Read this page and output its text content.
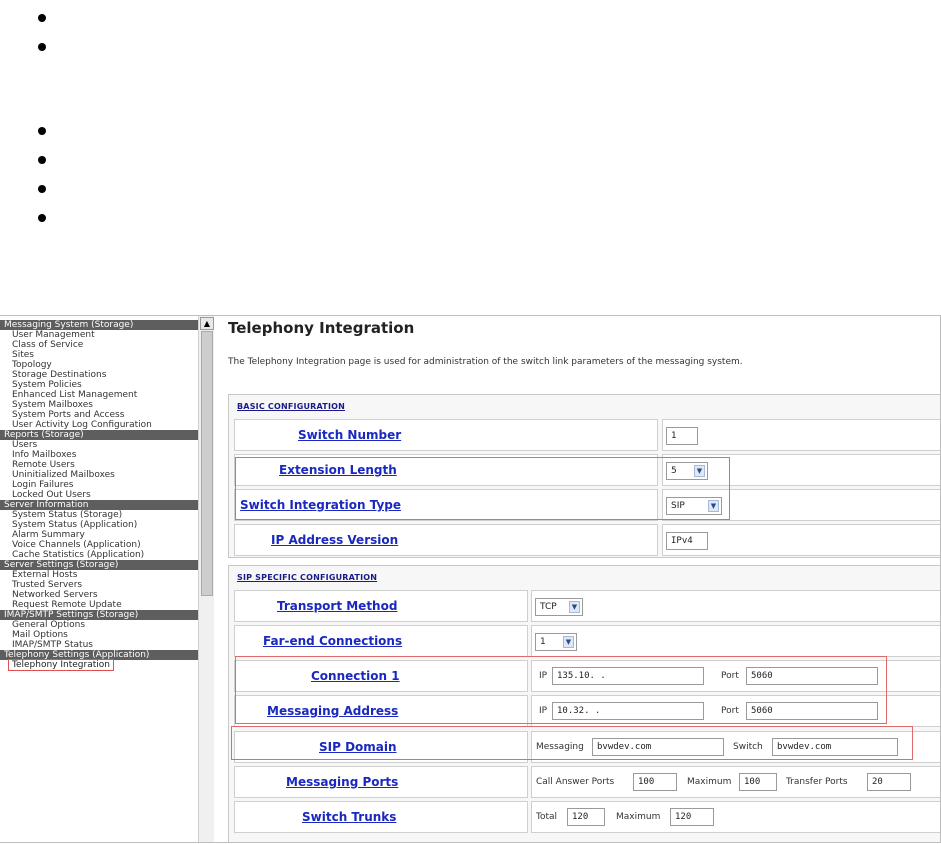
Messaging System (Storage)
User Management
Class of Service
Sites
Topology
Storage Destinations
System Policies
Enhanced List Management
System Mailboxes
System Ports and Access
User Activity Log Configuration
Reports (Storage)
Users
Info Mailboxes
Remote Users
Uninitialized Mailboxes
Login Failures
Locked Out Users
Server Information
System Status (Storage)
System Status (Application)
Alarm Summary
Voice Channels (Application)
Cache Statistics (Application)
Server Settings (Storage)
External Hosts
Trusted Servers
Networked Servers
Request Remote Update
IMAP/SMTP Settings (Storage)
General Options
Mail Options
IMAP/SMTP Status
Telephony Settings (Application)
Telephony Integration
▲ Telephony Integration
The Telephony Integration page is used for administration of the switch link parameters of the messaging system.
BASIC CONFIGURATION
Switch Number	1
Extension Length	5	▼
Switch Integration Type	SIP	▼
IP Address Version	IPv4
SIP SPECIFIC CONFIGURATION
Transport Method	TCP	▼
Far-end Connections	1	▼
Connection 1	IP	135.10. .	Port	5060
Messaging Address	IP	10.32. .	Port	5060
SIP Domain	Messaging	bvwdev.com	Switch	bvwdev.com
Messaging Ports	Call Answer Ports	100	Maximum	100	Transfer Ports	20
Switch Trunks	Total	120	Maximum	120
